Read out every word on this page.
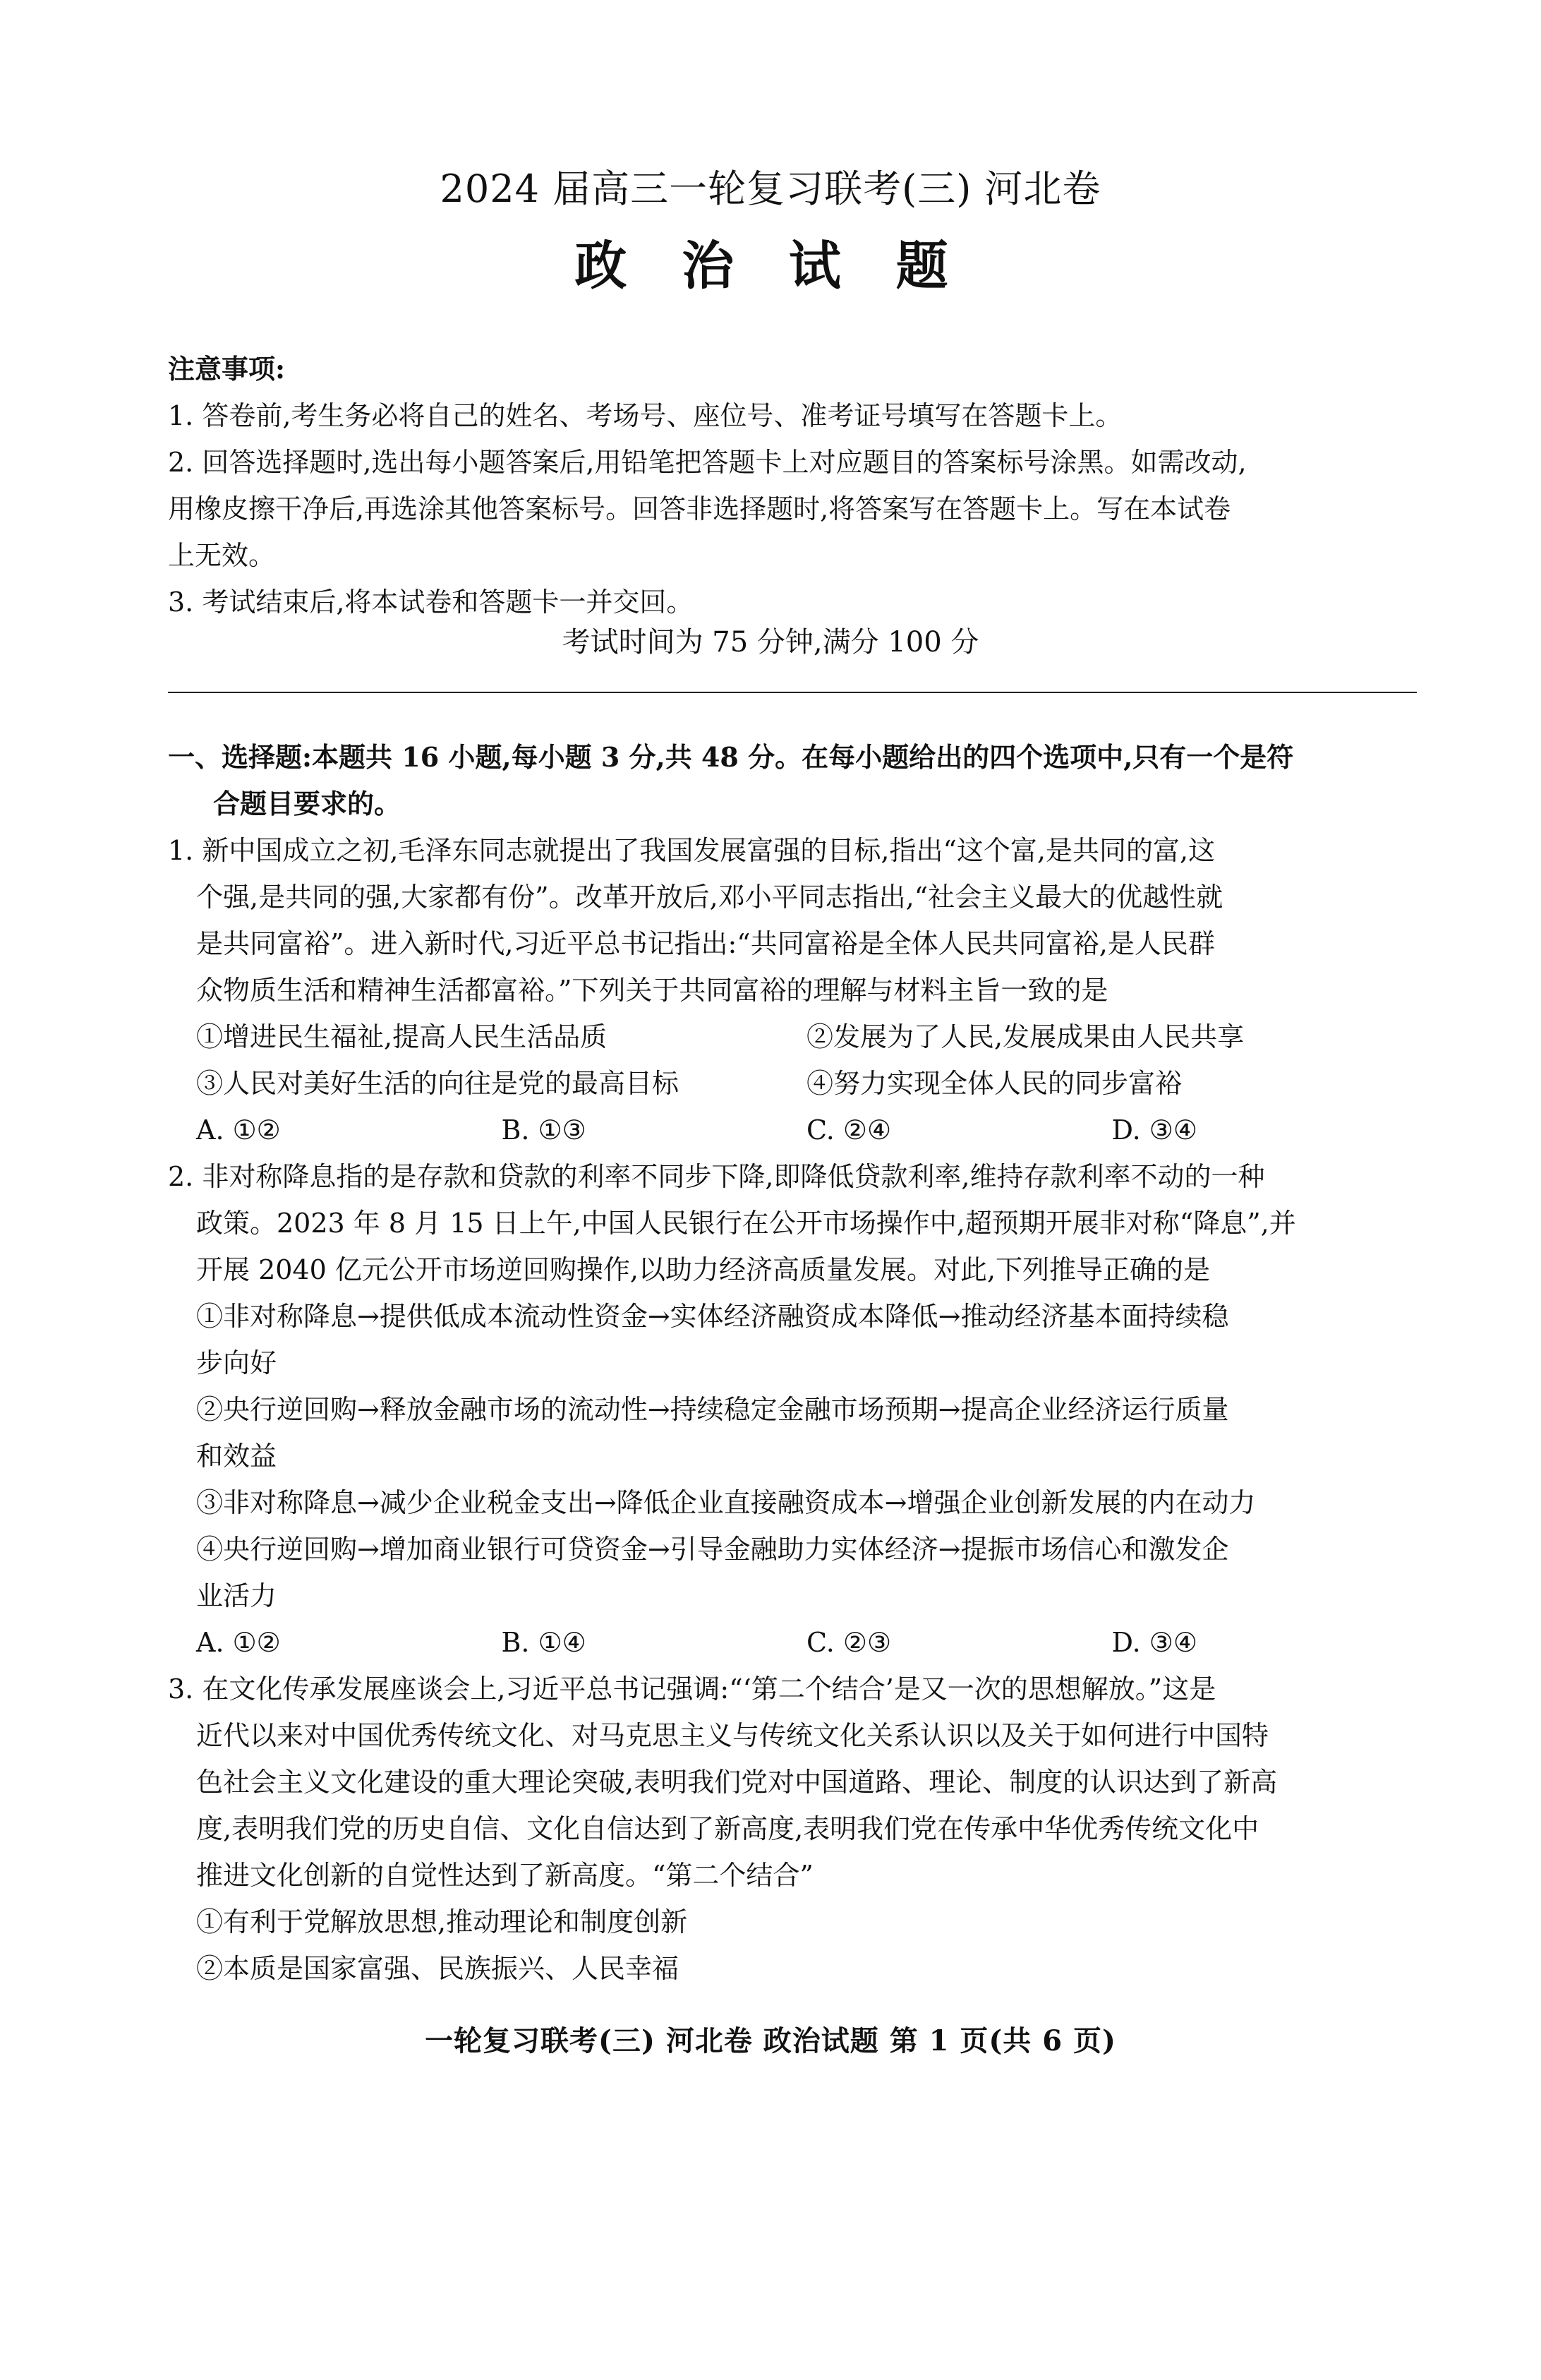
2024 届高三一轮复习联考(三) 河北卷
政 治 试 题
注意事项:
1. 答卷前,考生务必将自己的姓名、考场号、座位号、准考证号填写在答题卡上。
2. 回答选择题时,选出每小题答案后,用铅笔把答题卡上对应题目的答案标号涂黑。如需改动,
用橡皮擦干净后,再选涂其他答案标号。回答非选择题时,将答案写在答题卡上。写在本试卷
上无效。
3. 考试结束后,将本试卷和答题卡一并交回。
考试时间为 75 分钟,满分 100 分
一、选择题:本题共 16 小题,每小题 3 分,共 48 分。在每小题给出的四个选项中,只有一个是符
合题目要求的。
1. 新中国成立之初,毛泽东同志就提出了我国发展富强的目标,指出“这个富,是共同的富,这
个强,是共同的强,大家都有份”。改革开放后,邓小平同志指出,“社会主义最大的优越性就
是共同富裕”。进入新时代,习近平总书记指出:“共同富裕是全体人民共同富裕,是人民群
众物质生活和精神生活都富裕。”下列关于共同富裕的理解与材料主旨一致的是
①增进民生福祉,提高人民生活品质	②发展为了人民,发展成果由人民共享
③人民对美好生活的向往是党的最高目标	④努力实现全体人民的同步富裕
A. ①②	B. ①③	C. ②④	D. ③④
2. 非对称降息指的是存款和贷款的利率不同步下降,即降低贷款利率,维持存款利率不动的一种
政策。2023 年 8 月 15 日上午,中国人民银行在公开市场操作中,超预期开展非对称“降息”,并
开展 2040 亿元公开市场逆回购操作,以助力经济高质量发展。对此,下列推导正确的是
①非对称降息→提供低成本流动性资金→实体经济融资成本降低→推动经济基本面持续稳
步向好
②央行逆回购→释放金融市场的流动性→持续稳定金融市场预期→提高企业经济运行质量
和效益
③非对称降息→减少企业税金支出→降低企业直接融资成本→增强企业创新发展的内在动力
④央行逆回购→增加商业银行可贷资金→引导金融助力实体经济→提振市场信心和激发企
业活力
A. ①②	B. ①④	C. ②③	D. ③④
3. 在文化传承发展座谈会上,习近平总书记强调:“‘第二个结合’是又一次的思想解放。”这是
近代以来对中国优秀传统文化、对马克思主义与传统文化关系认识以及关于如何进行中国特
色社会主义文化建设的重大理论突破,表明我们党对中国道路、理论、制度的认识达到了新高
度,表明我们党的历史自信、文化自信达到了新高度,表明我们党在传承中华优秀传统文化中
推进文化创新的自觉性达到了新高度。“第二个结合”
①有利于党解放思想,推动理论和制度创新
②本质是国家富强、民族振兴、人民幸福
一轮复习联考(三) 河北卷 政治试题 第 1 页(共 6 页)
